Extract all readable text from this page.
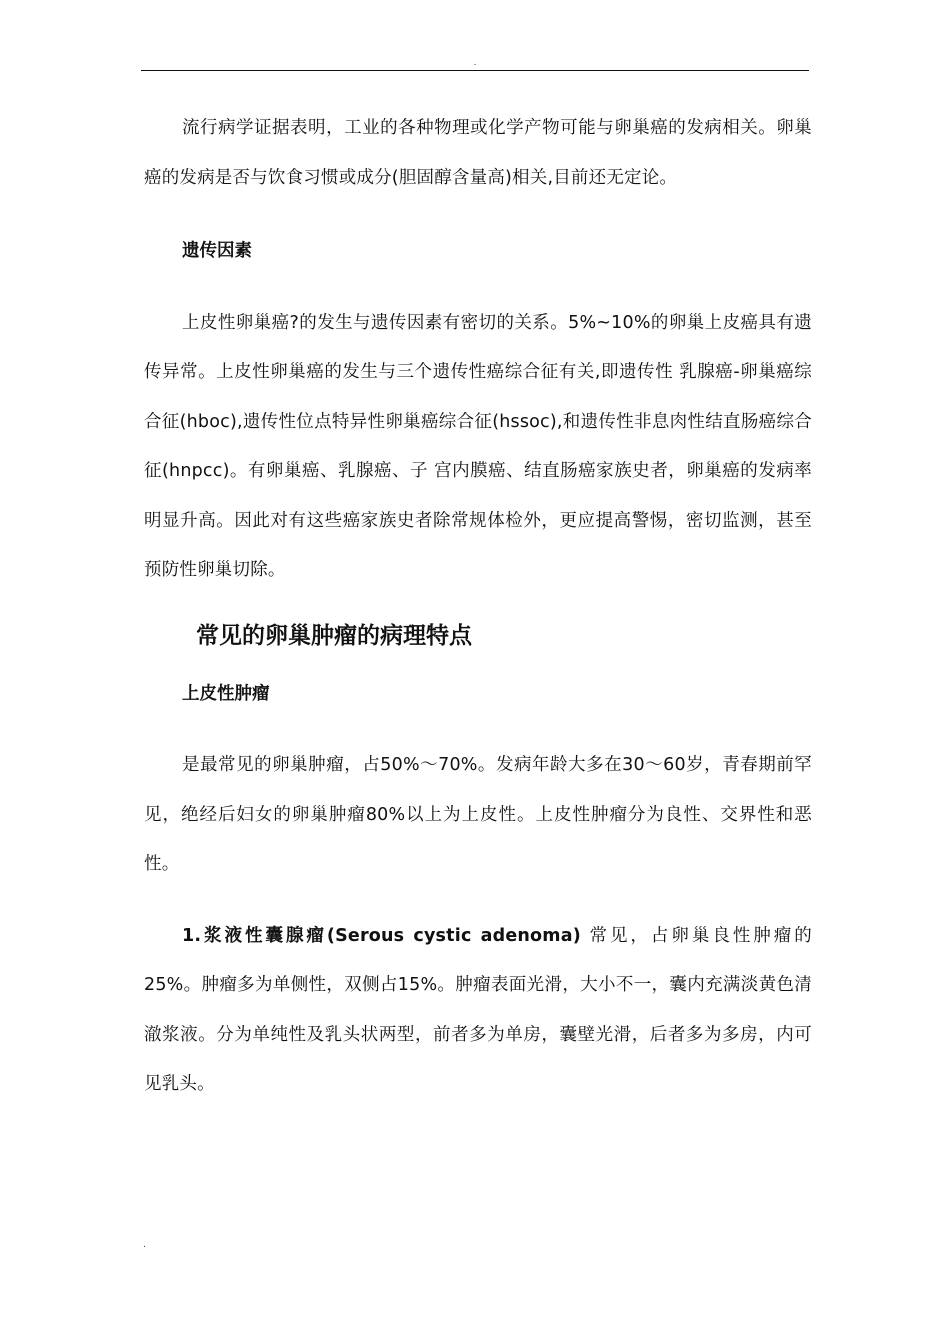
.

流行病学证据表明，工业的各种物理或化学产物可能与卵巢癌的发病相关。卵巢癌的发病是否与饮食习惯或成分(胆固醇含量高)相关,目前还无定论。

遗传因素

上皮性卵巢癌?的发生与遗传因素有密切的关系。5%~10%的卵巢上皮癌具有遗传异常。上皮性卵巢癌的发生与三个遗传性癌综合征有关,即遗传性 乳腺癌-卵巢癌综合征(hboc),遗传性位点特异性卵巢癌综合征(hssoc),和遗传性非息肉性结直肠癌综合征(hnpcc)。有卵巢癌、乳腺癌、子 宫内膜癌、结直肠癌家族史者，卵巢癌的发病率明显升高。因此对有这些癌家族史者除常规体检外，更应提高警惕，密切监测，甚至预防性卵巢切除。

常见的卵巢肿瘤的病理特点
上皮性肿瘤

是最常见的卵巢肿瘤，占50%～70%。发病年龄大多在30～60岁，青春期前罕见，绝经后妇女的卵巢肿瘤80%以上为上皮性。上皮性肿瘤分为良性、交界性和恶性。

1.浆液性囊腺瘤(Serous cystic adenoma) 常见，占卵巢良性肿瘤的25%。肿瘤多为单侧性，双侧占15%。肿瘤表面光滑，大小不一，囊内充满淡黄色清澈浆液。分为单纯性及乳头状两型，前者多为单房，囊壁光滑，后者多为多房，内可见乳头。

.
